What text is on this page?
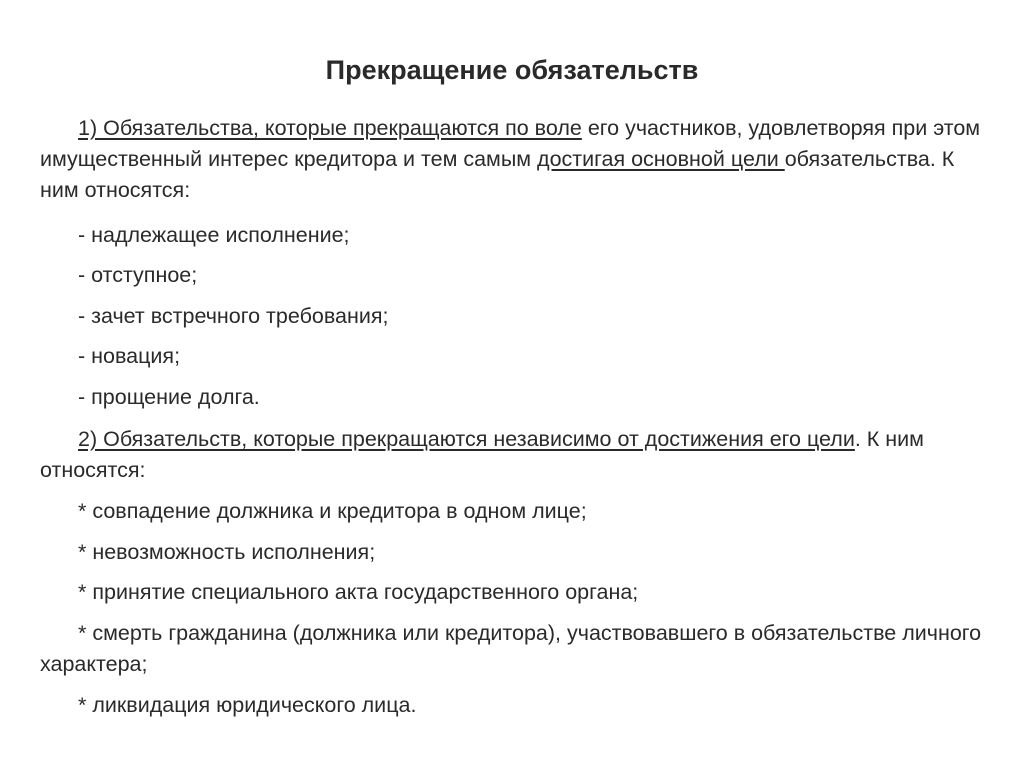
Прекращение обязательств
1) Обязательства, которые прекращаются по воле его участников, удовлетворяя при этом имущественный интерес кредитора и тем самым достигая основной цели обязательства. К ним относятся:
- надлежащее исполнение;
- отступное;
- зачет встречного требования;
- новация;
- прощение долга.
2) Обязательств, которые прекращаются независимо от достижения его цели. К ним относятся:
* совпадение должника и кредитора в одном лице;
* невозможность исполнения;
* принятие специального акта государственного органа;
* смерть гражданина (должника или кредитора), участвовавшего в обязательстве личного характера;
* ликвидация юридического лица.
